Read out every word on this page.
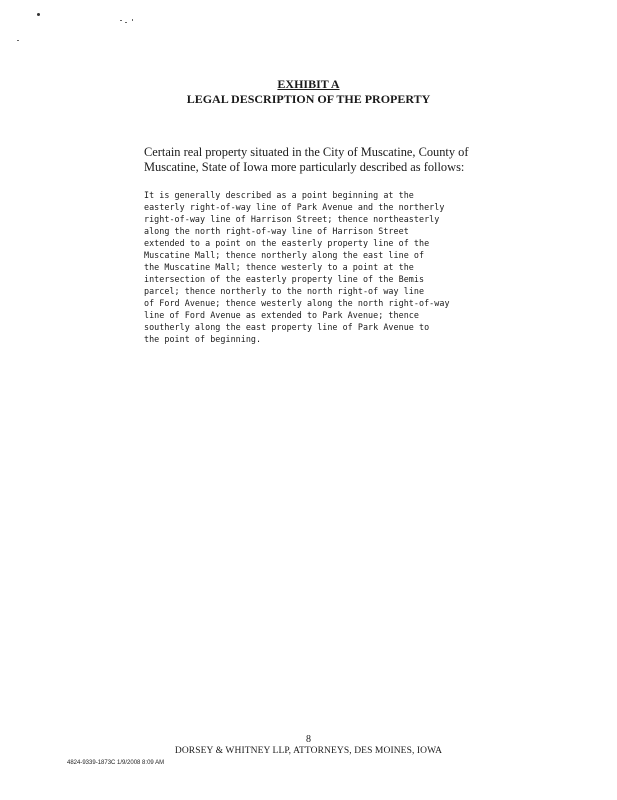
EXHIBIT A
LEGAL DESCRIPTION OF THE PROPERTY
Certain real property situated in the City of Muscatine, County of Muscatine, State of Iowa more particularly described as follows:
It is generally described as a point beginning at the
easterly right-of-way line of Park Avenue and the northerly
right-of-way line of Harrison Street; thence northeasterly
along the north right-of-way line of Harrison Street
extended to a point on the easterly property line of the
Muscatine Mall; thence northerly along the east line of
the Muscatine Mall; thence westerly to a point at the
intersection of the easterly property line of the Bemis
parcel; thence northerly to the north right-of way line
of Ford Avenue; thence westerly along the north right-of-way
line of Ford Avenue as extended to Park Avenue; thence
southerly along the east property line of Park Avenue to
the point of beginning.
8
DORSEY & WHITNEY LLP, ATTORNEYS, DES MOINES, IOWA
4824-9339-1873C 1/9/2008 8:09 AM
